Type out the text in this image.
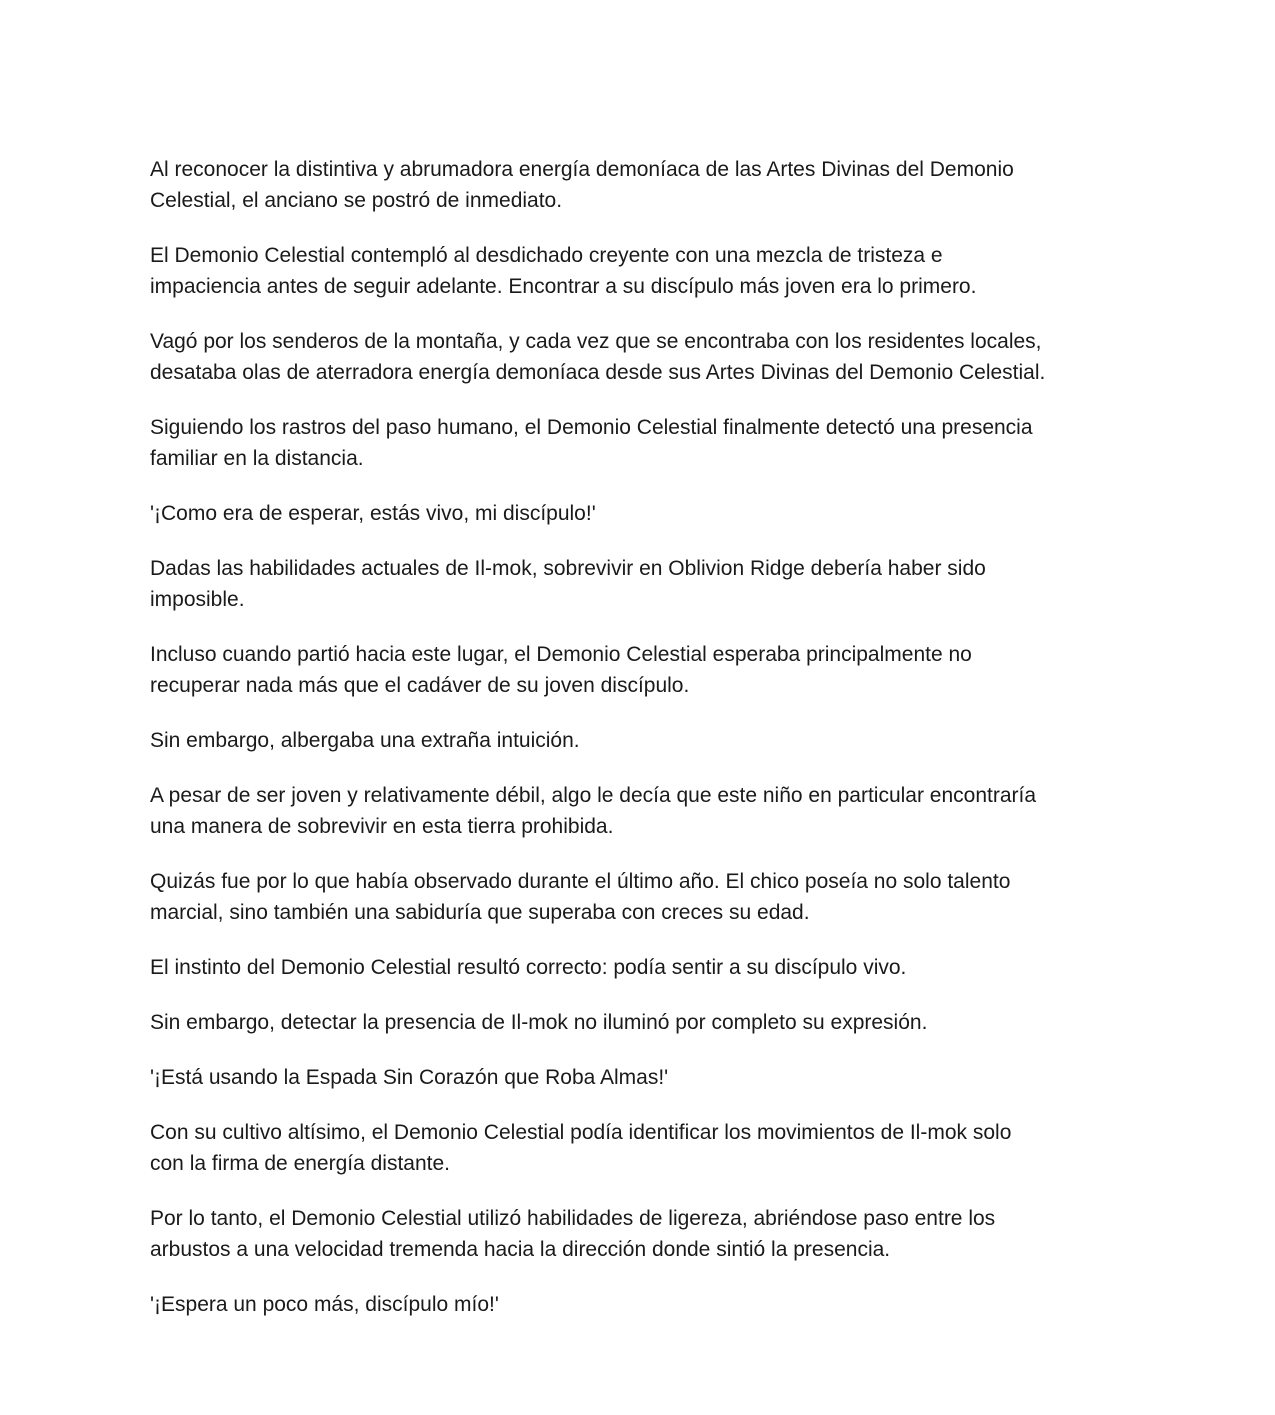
Al reconocer la distintiva y abrumadora energía demoníaca de las Artes Divinas del Demonio
Celestial, el anciano se postró de inmediato.

El Demonio Celestial contempló al desdichado creyente con una mezcla de tristeza e
impaciencia antes de seguir adelante. Encontrar a su discípulo más joven era lo primero.

Vagó por los senderos de la montaña, y cada vez que se encontraba con los residentes locales,
desataba olas de aterradora energía demoníaca desde sus Artes Divinas del Demonio Celestial.

Siguiendo los rastros del paso humano, el Demonio Celestial finalmente detectó una presencia
familiar en la distancia.

'¡Como era de esperar, estás vivo, mi discípulo!'

Dadas las habilidades actuales de Il-mok, sobrevivir en Oblivion Ridge debería haber sido
imposible.

Incluso cuando partió hacia este lugar, el Demonio Celestial esperaba principalmente no
recuperar nada más que el cadáver de su joven discípulo.

Sin embargo, albergaba una extraña intuición.

A pesar de ser joven y relativamente débil, algo le decía que este niño en particular encontraría
una manera de sobrevivir en esta tierra prohibida.

Quizás fue por lo que había observado durante el último año. El chico poseía no solo talento
marcial, sino también una sabiduría que superaba con creces su edad.

El instinto del Demonio Celestial resultó correcto: podía sentir a su discípulo vivo.

Sin embargo, detectar la presencia de Il-mok no iluminó por completo su expresión.

'¡Está usando la Espada Sin Corazón que Roba Almas!'

Con su cultivo altísimo, el Demonio Celestial podía identificar los movimientos de Il-mok solo
con la firma de energía distante.

Por lo tanto, el Demonio Celestial utilizó habilidades de ligereza, abriéndose paso entre los
arbustos a una velocidad tremenda hacia la dirección donde sintió la presencia.

'¡Espera un poco más, discípulo mío!'
